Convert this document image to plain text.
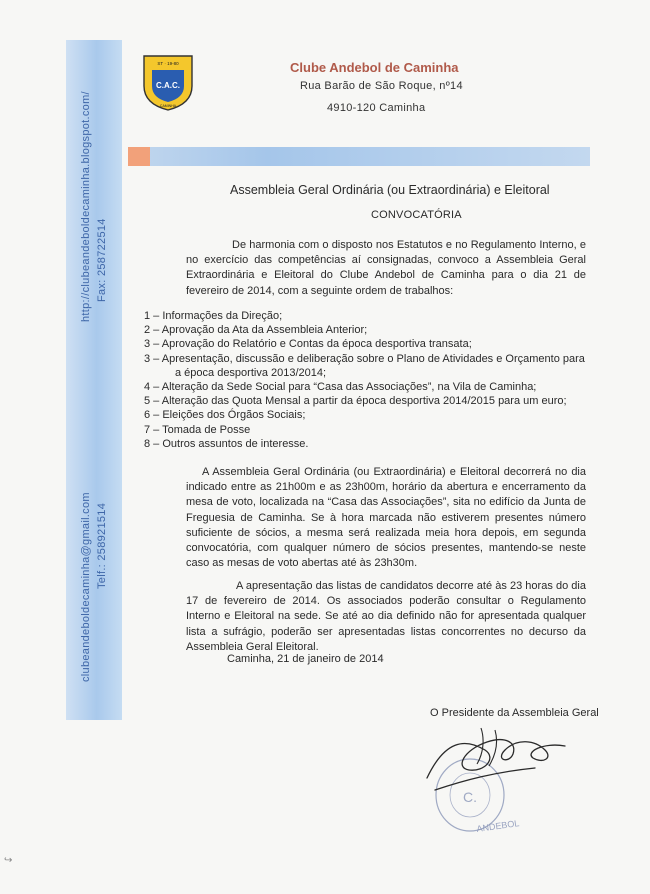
http://clubeandeboldecaminha.blogspot.com/ Fax: 258722514
clubeandeboldecaminha@gmail.com Telf.: 258921514
ST · 19-80
C.A.C.
CAMINHA
Clube Andebol de Caminha
Rua Barão de São Roque, nº14
4910-120 Caminha
Assembleia Geral Ordinária (ou Extraordinária) e Eleitoral
CONVOCATÓRIA
De harmonia com o disposto nos Estatutos e no Regulamento Interno, e no exercício das competências aí consignadas, convoco a Assembleia Geral Extraordinária e Eleitoral do Clube Andebol de Caminha para o dia 21 de fevereiro de 2014, com a seguinte ordem de trabalhos:
1 – Informações da Direção;
2 – Aprovação da Ata da Assembleia Anterior;
3 – Aprovação do Relatório e Contas da época desportiva transata;
3 – Apresentação, discussão e deliberação sobre o Plano de Atividades e Orçamento para
a época desportiva 2013/2014;
4 – Alteração da Sede Social para “Casa das Associações”, na Vila de Caminha;
5 – Alteração das Quota Mensal a partir da época desportiva 2014/2015 para um euro;
6 – Eleições dos Órgãos Sociais;
7 – Tomada de Posse
8 – Outros assuntos de interesse.
A Assembleia Geral Ordinária (ou Extraordinária) e Eleitoral decorrerá no dia indicado entre as 21h00m e as 23h00m, horário da abertura e encerramento da mesa de voto, localizada na “Casa das Associações”, sita no edifício da Junta de Freguesia de Caminha. Se à hora marcada não estiverem presentes número suficiente de sócios, a mesma será realizada meia hora depois, em segunda convocatória, com qualquer número de sócios presentes, mantendo-se neste caso as mesas de voto abertas até às 23h30m.
A apresentação das listas de candidatos decorre até às 23 horas do dia 17 de fevereiro de 2014. Os associados poderão consultar o Regulamento Interno e Eleitoral na sede. Se até ao dia definido não for apresentada qualquer lista a sufrágio, poderão ser apresentadas listas concorrentes no decurso da Assembleia Geral Eleitoral.
Caminha, 21 de janeiro de 2014
O Presidente da Assembleia Geral
C.
ANDEBOL
↪
